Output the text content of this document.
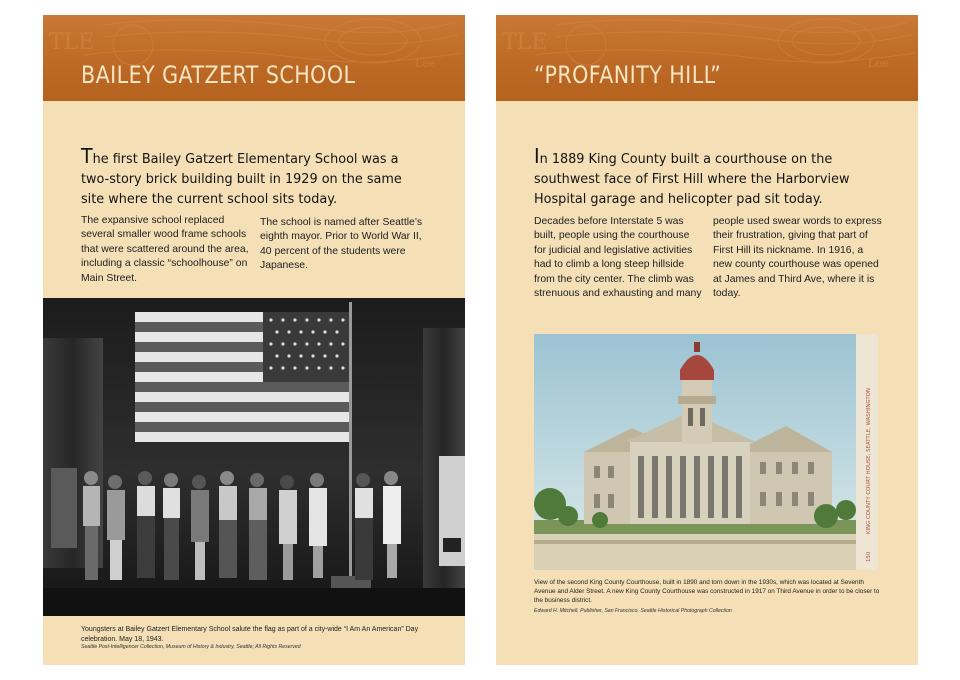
TLE
Lee
BAILEY GATZERT SCHOOL

The first Bailey Gatzert Elementary School was a two-story brick building built in 1929 on the same site where the current school sits today.

The expansive school replaced several smaller wood frame schools that were scattered around the area, including a classic “schoolhouse” on Main Street.

The school is named after Seattle’s eighth mayor. Prior to World War II, 40 percent of the students were Japanese.

Youngsters at Bailey Gatzert Elementary School salute the flag as part of a city-wide “I Am An American” Day celebration. May 18, 1943.

Seattle Post-Intelligencer Collection, Museum of History & Industry, Seattle; All Rights Reserved

TLE
Lee
“PROFANITY HILL”

In 1889 King County built a courthouse on the southwest face of First Hill where the Harborview Hospital garage and helicopter pad sit today.

Decades before Interstate 5 was built, people using the courthouse for judicial and legislative activities had to climb a long steep hillside from the city center. The climb was strenuous and exhausting and many

people used swear words to express their frustration, giving that part of First Hill its nickname. In 1916, a new county courthouse was opened at James and Third Ave, where it is today.

KING COUNTY COURT HOUSE, SEATTLE, WASHINGTON
150

View of the second King County Courthouse, built in 1890 and torn down in the 1930s, which was located at Seventh Avenue and Alder Street. A new King County Courthouse was constructed in 1917 on Third Avenue in order to be closer to the business district.

Edward H. Mitchell, Publisher, San Francisco. Seattle Historical Photograph Collection
